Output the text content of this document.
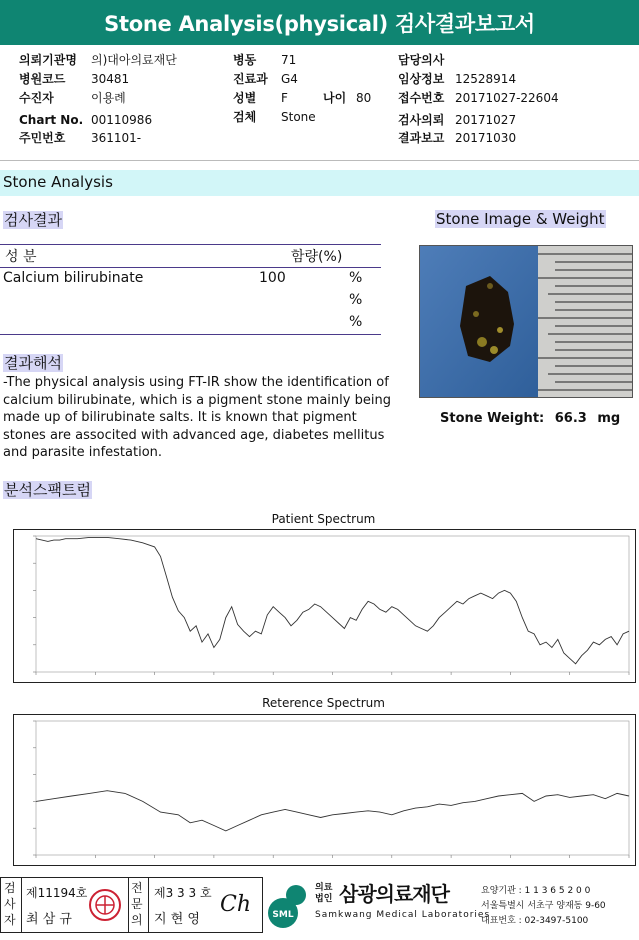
Stone Analysis(physical) 검사결과보고서
의뢰기관명 의)대아의료재단
병원코드 30481
수진자	이용례
Chart No. 00110986
주민번호 361101-
병동 71
진료과 G4
성별 F	나이 80
검체 Stone
담당의사
임상정보 12528914
접수번호 20171027-22604
검사의뢰 20171027
결과보고 20171030
Stone Analysis
검사결과
성 분	함량(%)
Calcium bilirubinate	100	%
%
%
Stone Image & Weight
Stone Weight: 66.3 mg
결과해석
-The physical analysis using FT-IR show the identification of calcium bilirubinate, which is a pigment stone mainly being made up of bilirubinate salts. It is known that pigment stones are associted with advanced age, diabetes mellitus and parasite infestation.
분석스팩트럼
Patient Spectrum
Reterence Spectrum
검사자
제11194호
최 삼 규
전문의
제3 3 3 호
지 현 영
Ch SML
의료법인 삼광의료재단
Samkwang Medical Laboratories
요양기관 : 1 1 3 6 5 2 0 0
서울특별시 서초구 양재동 9-60
대표번호 : 02-3497-5100
